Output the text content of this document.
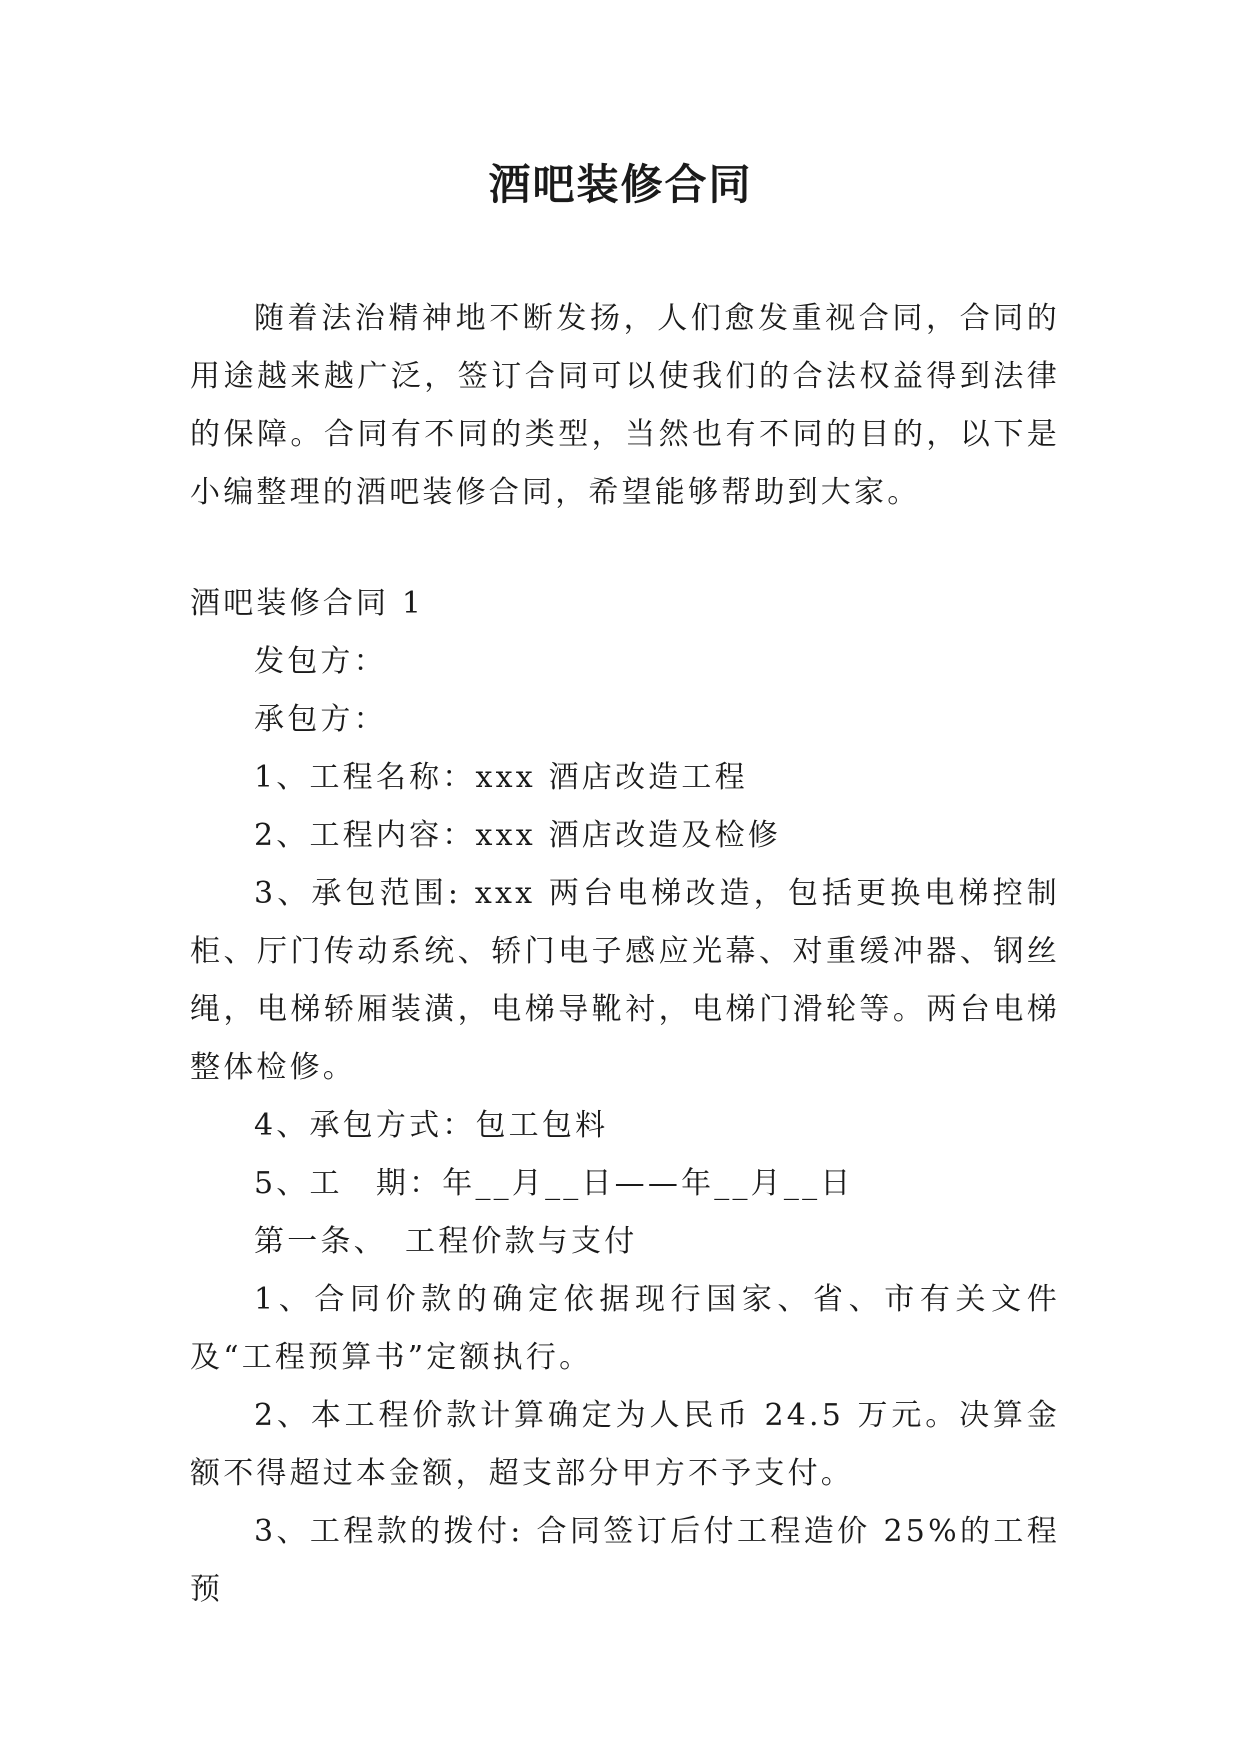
酒吧装修合同

随着法治精神地不断发扬，人们愈发重视合同，合同的用途越来越广泛，签订合同可以使我们的合法权益得到法律的保障。合同有不同的类型，当然也有不同的目的，以下是小编整理的酒吧装修合同，希望能够帮助到大家。

酒吧装修合同 1

发包方：

承包方：

1、工程名称：xxx 酒店改造工程

2、工程内容：xxx 酒店改造及检修

3、承包范围: xxx 两台电梯改造，包括更换电梯控制柜、厅门传动系统、轿门电子感应光幕、对重缓冲器、钢丝绳，电梯轿厢装潢，电梯导靴衬，电梯门滑轮等。两台电梯整体检修。

4、承包方式：包工包料

5、工　期：年__月__日——年__月__日

第一条、　工程价款与支付

1、合同价款的确定依据现行国家、省、市有关文件及“工程预算书”定额执行。

2、本工程价款计算确定为人民币 24.5 万元。决算金额不得超过本金额，超支部分甲方不予支付。

3、工程款的拨付: 合同签订后付工程造价 25%的工程预
